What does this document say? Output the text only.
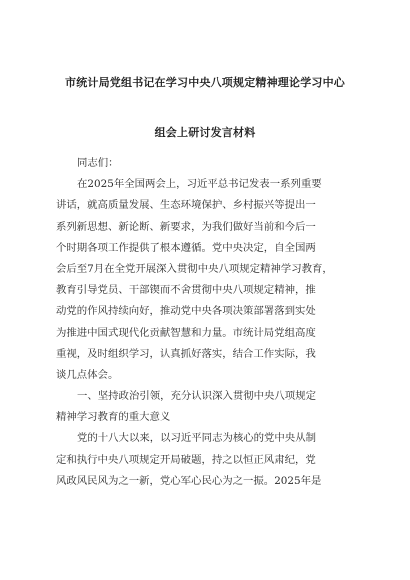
市统计局党组书记在学习中央八项规定精神理论学习中心
组会上研讨发言材料
同志们：
在2025年全国两会上，习近平总书记发表一系列重要
讲话，就高质量发展、生态环境保护、乡村振兴等提出一
系列新思想、新论断、新要求，为我们做好当前和今后一
个时期各项工作提供了根本遵循。党中央决定，自全国两
会后至7月在全党开展深入贯彻中央八项规定精神学习教育，
教育引导党员、干部锲而不舍贯彻中央八项规定精神，推
动党的作风持续向好，推动党中央各项决策部署落到实处
为推进中国式现代化贡献智慧和力量。市统计局党组高度
重视，及时组织学习，认真抓好落实，结合工作实际，我
谈几点体会。
一、坚持政治引领，充分认识深入贯彻中央八项规定
精神学习教育的重大意义
党的十八大以来，以习近平同志为核心的党中央从制
定和执行中央八项规定开局破题，持之以恒正风肃纪，党
风政风民风为之一新，党心军心民心为之一振。2025年是
